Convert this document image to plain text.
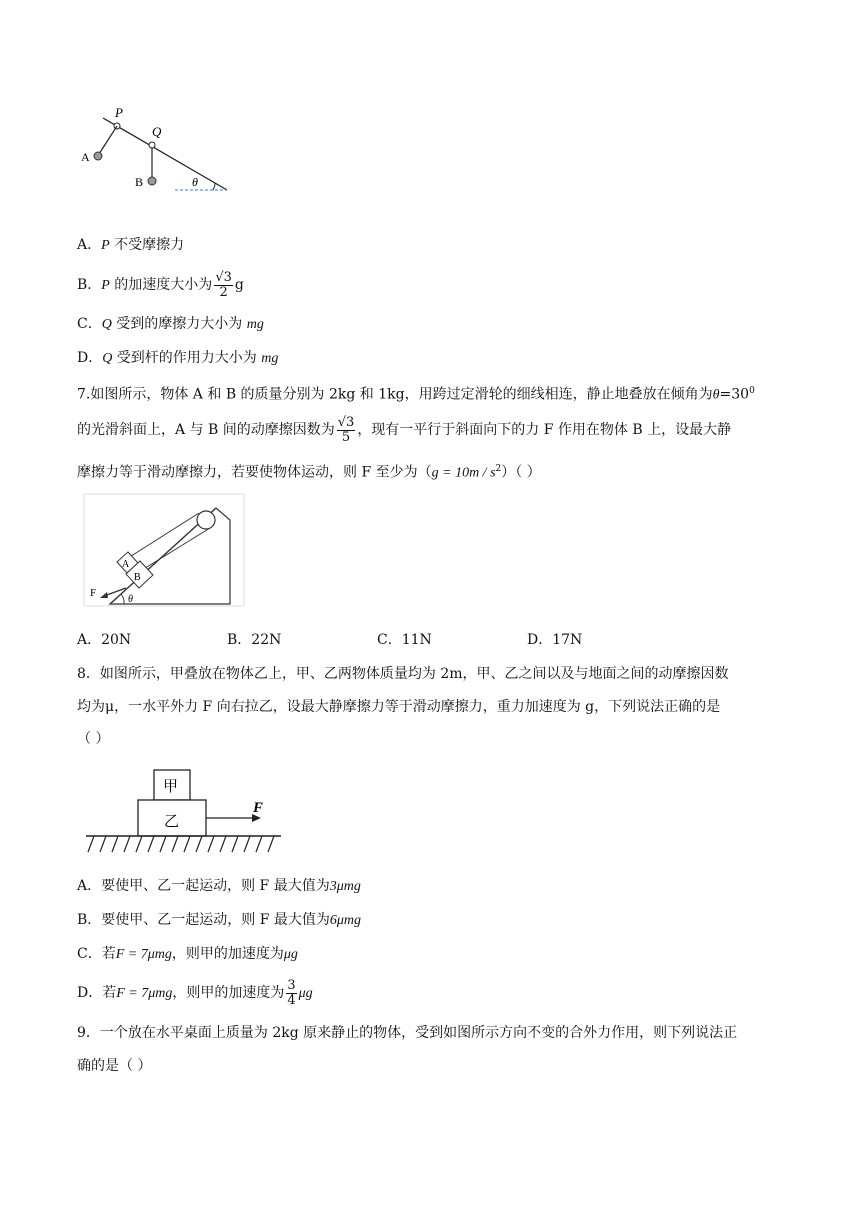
P
Q
A
B	θ
A．P 不受摩擦力
B．P 的加速度大小为 $\frac{√3}{2}$ g
C．Q 受到的摩擦力大小为 mg
D．Q 受到杆的作用力大小为 mg
7.如图所示，物体 A 和 B 的质量分别为 2kg 和 1kg，用跨过定滑轮的细线相连，静止地叠放在倾角为$\theta=30^0$
的光滑斜面上，A 与 B 间的动摩擦因数为 $\frac{√3}{5}$ ，现有一平行于斜面向下的力 F 作用在物体 B 上，设最大静
摩擦力等于滑动摩擦力，若要使物体运动，则 F 至少为$(g = 10m / s^2)$（ ）
A
B
F
θ
A．20N	B．22N	C．11N	D．17N
8．如图所示，甲叠放在物体乙上，甲、乙两物体质量均为 2m，甲、乙之间以及与地面之间的动摩擦因数
均为μ，一水平外力 F 向右拉乙，设最大静摩擦力等于滑动摩擦力，重力加速度为 g，下列说法正确的是
（ ）
甲
乙
F
A．要使甲、乙一起运动，则 F 最大值为3μmg
B．要使甲、乙一起运动，则 F 最大值为6μmg
C．若F = 7μmg，则甲的加速度为μg
D．若F = 7μmg，则甲的加速度为 $\frac{3}{4}$ μg
9．一个放在水平桌面上质量为 2kg 原来静止的物体，受到如图所示方向不变的合外力作用，则下列说法正
确的是（ ）
